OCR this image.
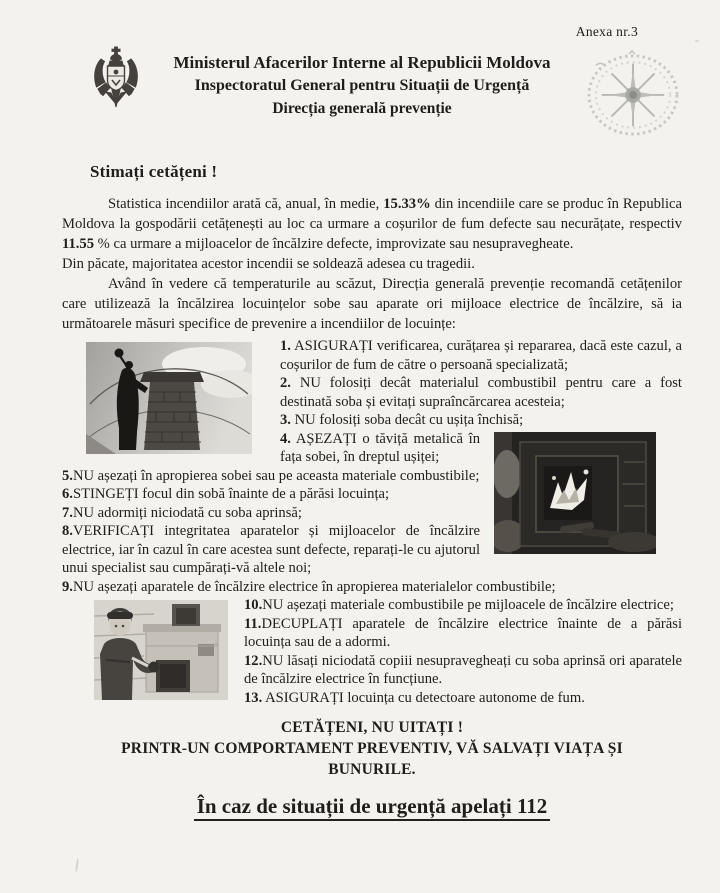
Anexa nr.3
Ministerul Afacerilor Interne al Republicii Moldova
Inspectoratul General pentru Situații de Urgență
Direcția generală prevenție
Stimați cetățeni !

Statistica incendiilor arată că, anual, în medie, 15.33% din incendiile care se produc în Republica Moldova la gospodării cetățenești au loc ca urmare a coșurilor de fum defecte sau necurățate, respectiv 11.55 % ca urmare a mijloacelor de încălzire defecte, improvizate sau nesupravegheate.

Din păcate, majoritatea acestor incendii se soldează adesea cu tragedii.

Având în vedere că temperaturile au scăzut, Direcția generală prevenție recomandă cetățenilor care utilizează la încălzirea locuințelor sobe sau aparate ori mijloace electrice de încălzire, să ia următoarele măsuri specifice de prevenire a incendiilor de locuințe:

1. ASIGURAȚI verificarea, curățarea și repararea, dacă este cazul, a coșurilor de fum de către o persoană specializată;

2. NU folosiți decât materialul combustibil pentru care a fost destinată soba și evitați supraîncărcarea acesteia;

3. NU folosiți soba decât cu ușița închisă;

4. AȘEZAȚI o tăviță metalică în fața sobei, în dreptul ușiței;

5.NU așezați în apropierea sobei sau pe aceasta materiale combustibile;

6.STINGEȚI focul din sobă înainte de a părăsi locuința;

7.NU adormiți niciodată cu soba aprinsă;

8.VERIFICAȚI integritatea aparatelor și mijloacelor de încălzire electrice, iar în cazul în care acestea sunt defecte, reparați-le cu ajutorul unui specialist sau cumpărați-vă altele noi;

9.NU așezați aparatele de încălzire electrice în apropierea materialelor combustibile;

10.NU așezați materiale combustibile pe mijloacele de încălzire electrice;

11.DECUPLAȚI aparatele de încălzire electrice înainte de a părăsi locuința sau de a adormi.

12.NU lăsați niciodată copiii nesupravegheați cu soba aprinsă ori aparatele de încălzire electrice în funcțiune.

13. ASIGURAȚI locuința cu detectoare autonome de fum.

CETĂȚENI, NU UITAȚI !
PRINTR-UN COMPORTAMENT PREVENTIV, VĂ SALVAȚI VIAȚA ȘI BUNURILE.
În caz de situații de urgență apelați 112
